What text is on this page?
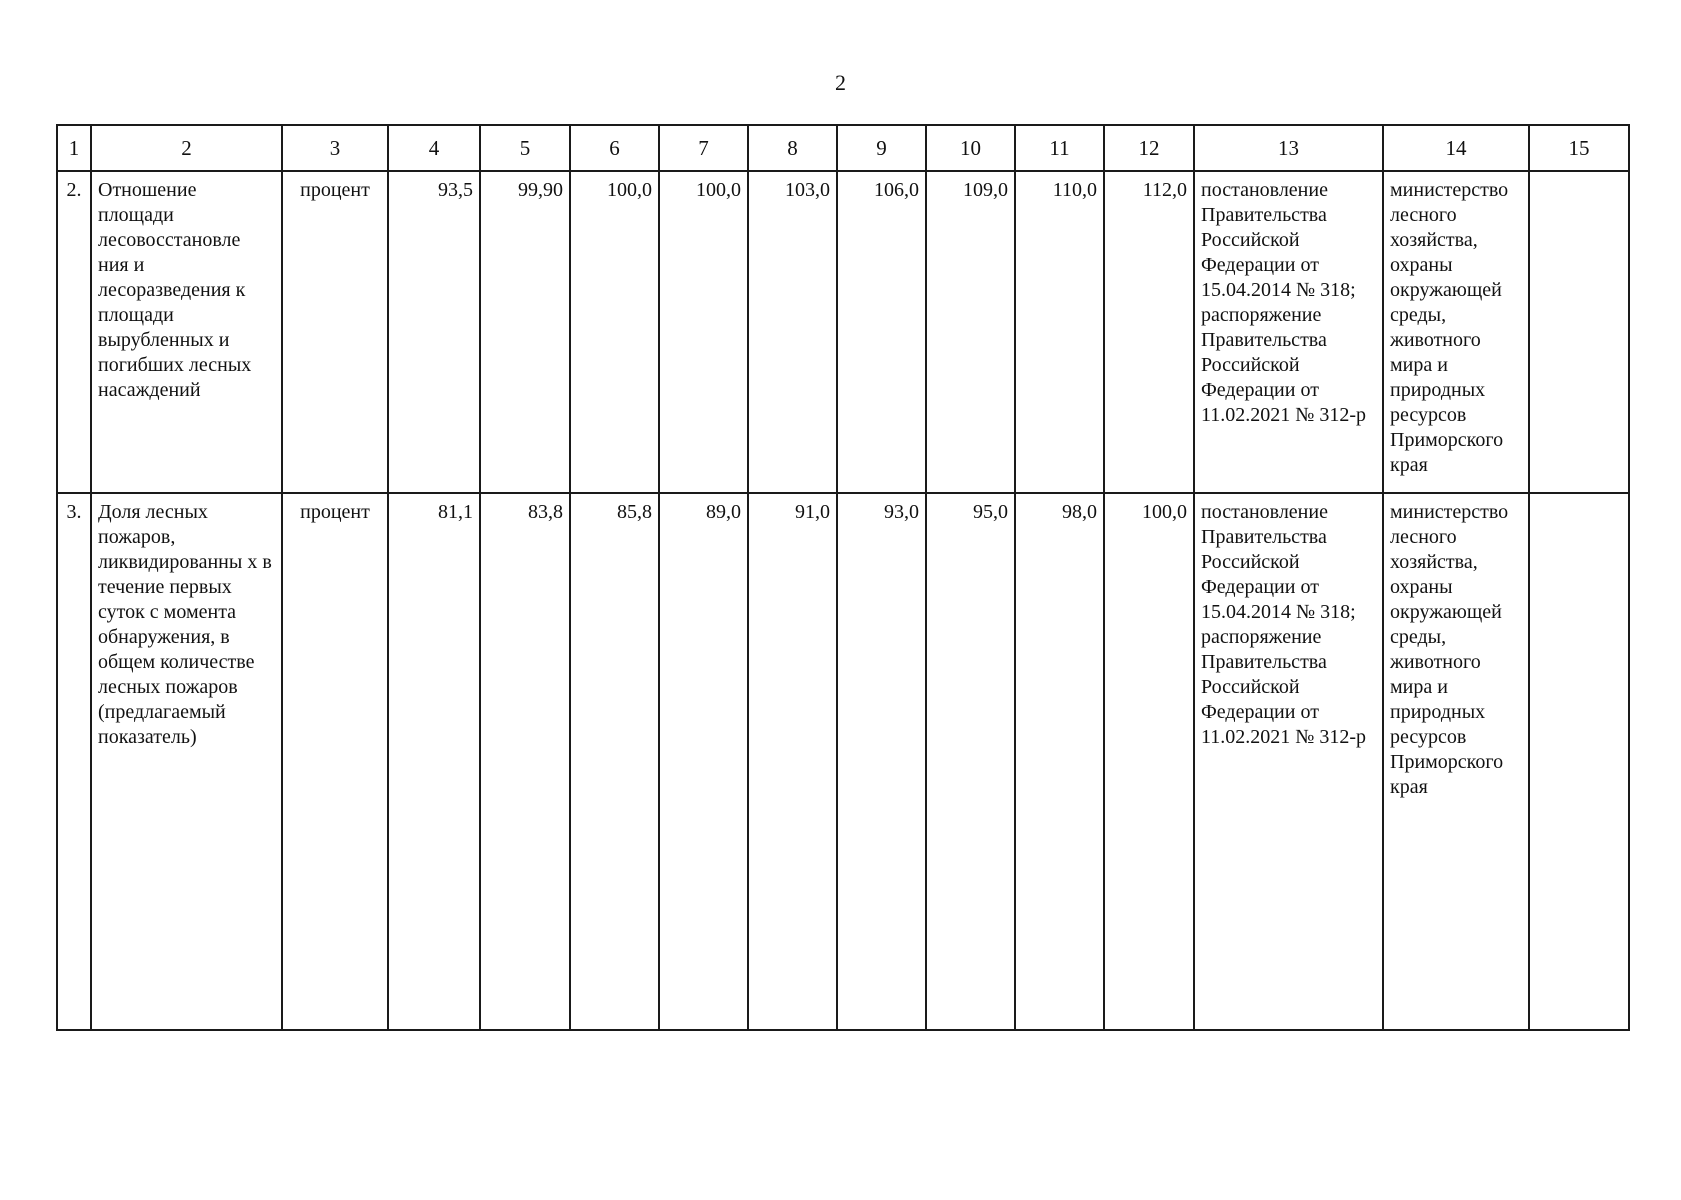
2
1	2	3	4	5	6	7	8	9	10	11	12	13	14	15
2.	Отношение площади лесовосстановле ния и лесоразведения к площади вырубленных и погибших лесных насаждений	процент	93,5	99,90	100,0	100,0	103,0	106,0	109,0	110,0	112,0	постановление Правительства Российской Федерации от 15.04.2014 № 318; распоряжение Правительства Российской Федерации от 11.02.2021 № 312-р	министерство лесного хозяйства, охраны окружающей среды, животного мира и природных ресурсов Приморского края	
3.	Доля лесных пожаров, ликвидированны х в течение первых суток с момента обнаружения, в общем количестве лесных пожаров (предлагаемый показатель)	процент	81,1	83,8	85,8	89,0	91,0	93,0	95,0	98,0	100,0	постановление Правительства Российской Федерации от 15.04.2014 № 318; распоряжение Правительства Российской Федерации от 11.02.2021 № 312-р	министерство лесного хозяйства, охраны окружающей среды, животного мира и природных ресурсов Приморского края	
